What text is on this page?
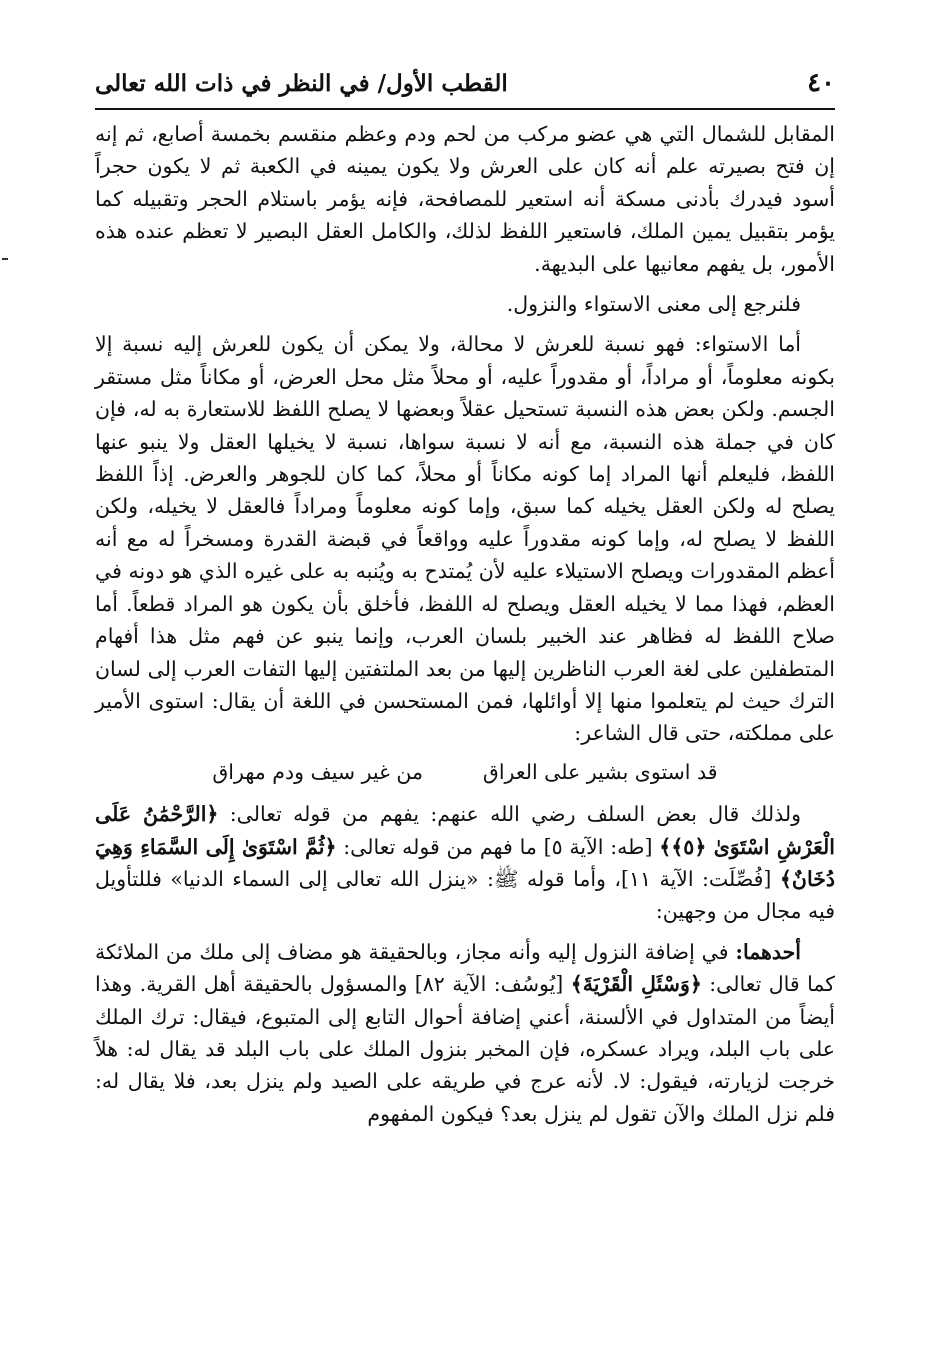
٤٠
القطب الأول/ في النظر في ذات الله تعالى

المقابل للشمال التي هي عضو مركب من لحم ودم وعظم منقسم بخمسة أصابع، ثم إنه إن فتح بصيرته علم أنه كان على العرش ولا يكون يمينه في الكعبة ثم لا يكون حجراً أسود فيدرك بأدنى مسكة أنه استعير للمصافحة، فإنه يؤمر باستلام الحجر وتقبيله كما يؤمر بتقبيل يمين الملك، فاستعير اللفظ لذلك، والكامل العقل البصير لا تعظم عنده هذه الأمور، بل يفهم معانيها على البديهة.

فلنرجع إلى معنى الاستواء والنزول.

أما الاستواء: فهو نسبة للعرش لا محالة، ولا يمكن أن يكون للعرش إليه نسبة إلا بكونه معلوماً، أو مراداً، أو مقدوراً عليه، أو محلاً مثل محل العرض، أو مكاناً مثل مستقر الجسم. ولكن بعض هذه النسبة تستحيل عقلاً وبعضها لا يصلح اللفظ للاستعارة به له، فإن كان في جملة هذه النسبة، مع أنه لا نسبة سواها، نسبة لا يخيلها العقل ولا ينبو عنها اللفظ، فليعلم أنها المراد إما كونه مكاناً أو محلاً، كما كان للجوهر والعرض. إذاً اللفظ يصلح له ولكن العقل يخيله كما سبق، وإما كونه معلوماً ومراداً فالعقل لا يخيله، ولكن اللفظ لا يصلح له، وإما كونه مقدوراً عليه وواقعاً في قبضة القدرة ومسخراً له مع أنه أعظم المقدورات ويصلح الاستيلاء عليه لأن يُمتدح به ويُنبه به على غيره الذي هو دونه في العظم، فهذا مما لا يخيله العقل ويصلح له اللفظ، فأخلق بأن يكون هو المراد قطعاً. أما صلاح اللفظ له فظاهر عند الخبير بلسان العرب، وإنما ينبو عن فهم مثل هذا أفهام المتطفلين على لغة العرب الناظرين إليها من بعد الملتفتين إليها التفات العرب إلى لسان الترك حيث لم يتعلموا منها إلا أوائلها، فمن المستحسن في اللغة أن يقال: استوى الأمير على مملكته، حتى قال الشاعر:

قد استوى بشير على العراق
من غير سيف ودم مهراق

ولذلك قال بعض السلف رضي الله عنهم: يفهم من قوله تعالى: ﴿الرَّحْمَٰنُ عَلَى الْعَرْشِ اسْتَوَىٰ ﴿٥﴾﴾ [طه: الآية ٥] ما فهم من قوله تعالى: ﴿ثُمَّ اسْتَوَىٰ إِلَى السَّمَاءِ وَهِيَ دُخَانٌ﴾ [فُصِّلَت: الآية ١١]، وأما قوله ﷺ: «ينزل الله تعالى إلى السماء الدنيا» فللتأويل فيه مجال من وجهين:

أحدهما: في إضافة النزول إليه وأنه مجاز، وبالحقيقة هو مضاف إلى ملك من الملائكة كما قال تعالى: ﴿وَسْئَلِ الْقَرْيَةَ﴾ [يُوسُف: الآية ٨٢] والمسؤول بالحقيقة أهل القرية. وهذا أيضاً من المتداول في الألسنة، أعني إضافة أحوال التابع إلى المتبوع، فيقال: ترك الملك على باب البلد، ويراد عسكره، فإن المخبر بنزول الملك على باب البلد قد يقال له: هلاً خرجت لزيارته، فيقول: لا. لأنه عرج في طريقه على الصيد ولم ينزل بعد، فلا يقال له: فلم نزل الملك والآن تقول لم ينزل بعد؟ فيكون المفهوم
